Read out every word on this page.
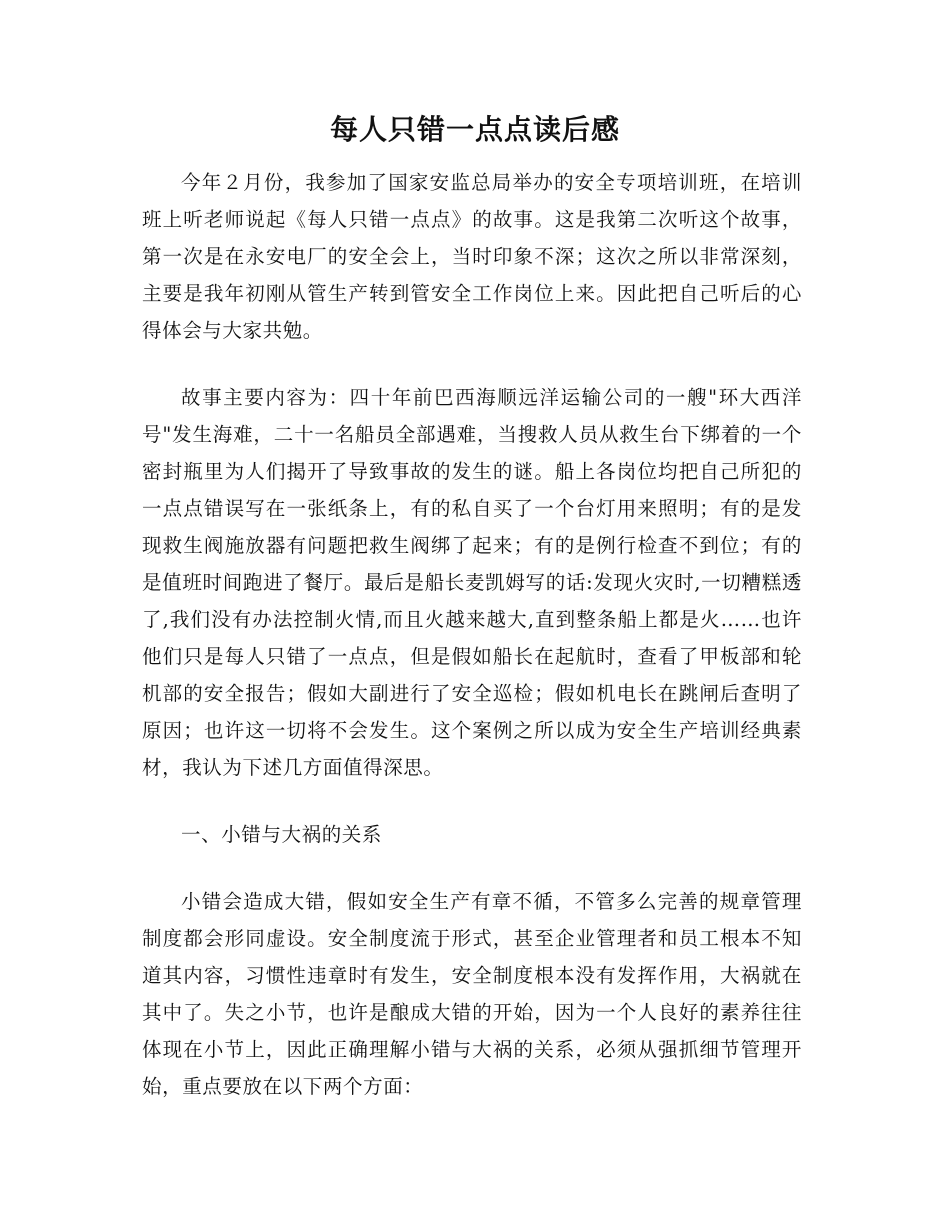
每人只错一点点读后感

今年２月份，我参加了国家安监总局举办的安全专项培训班，在培训班上听老师说起《每人只错一点点》的故事。这是我第二次听这个故事，第一次是在永安电厂的安全会上，当时印象不深；这次之所以非常深刻，主要是我年初刚从管生产转到管安全工作岗位上来。因此把自己听后的心得体会与大家共勉。

故事主要内容为：四十年前巴西海顺远洋运输公司的一艘"环大西洋号"发生海难，二十一名船员全部遇难，当搜救人员从救生台下绑着的一个密封瓶里为人们揭开了导致事故的发生的谜。船上各岗位均把自己所犯的一点点错误写在一张纸条上，有的私自买了一个台灯用来照明；有的是发现救生阀施放器有问题把救生阀绑了起来；有的是例行检查不到位；有的是值班时间跑进了餐厅。最后是船长麦凯姆写的话:发现火灾时,一切糟糕透了,我们没有办法控制火情,而且火越来越大,直到整条船上都是火……也许他们只是每人只错了一点点，但是假如船长在起航时，查看了甲板部和轮机部的安全报告；假如大副进行了安全巡检；假如机电长在跳闸后查明了原因；也许这一切将不会发生。这个案例之所以成为安全生产培训经典素材，我认为下述几方面值得深思。

一、小错与大祸的关系

小错会造成大错，假如安全生产有章不循，不管多么完善的规章管理制度都会形同虚设。安全制度流于形式，甚至企业管理者和员工根本不知道其内容，习惯性违章时有发生，安全制度根本没有发挥作用，大祸就在其中了。失之小节，也许是酿成大错的开始，因为一个人良好的素养往往体现在小节上，因此正确理解小错与大祸的关系，必须从强抓细节管理开始，重点要放在以下两个方面：
